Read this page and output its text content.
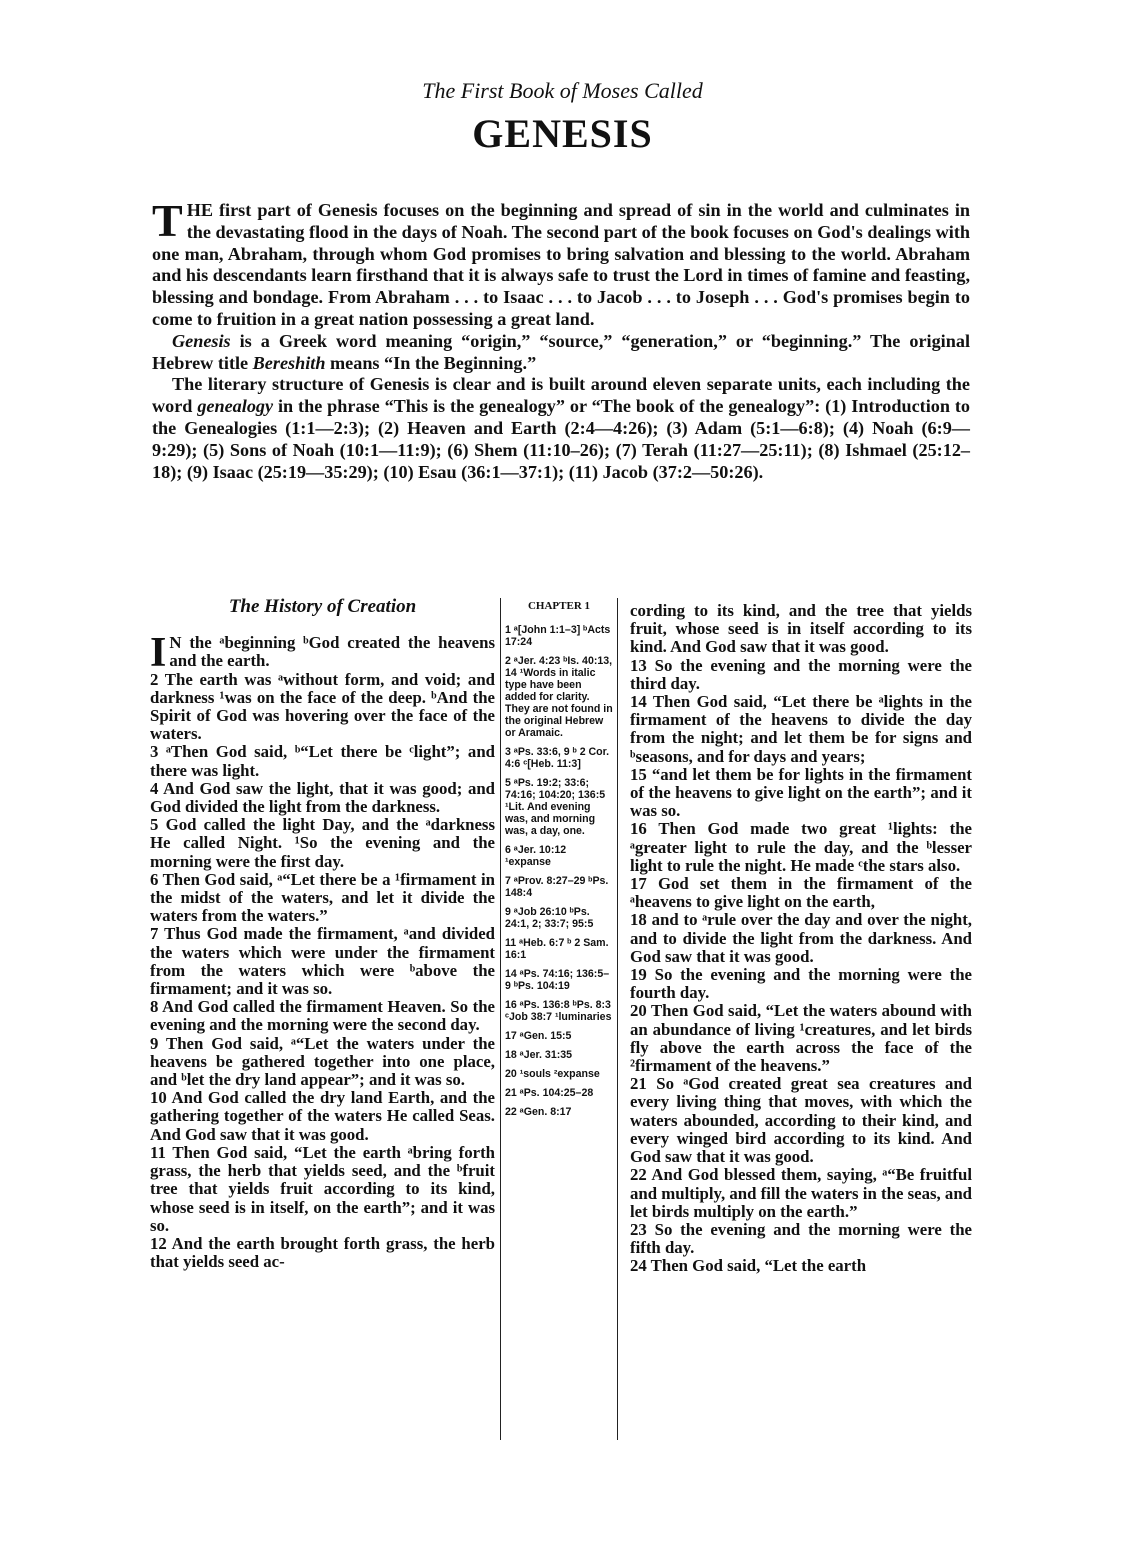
The First Book of Moses Called
GENESIS

THE first part of Genesis focuses on the beginning and spread of sin in the world and culminates in the devastating flood in the days of Noah. The second part of the book focuses on God's dealings with one man, Abraham, through whom God promises to bring salvation and blessing to the world. Abraham and his descendants learn firsthand that it is always safe to trust the Lord in times of famine and feasting, blessing and bondage. From Abraham . . . to Isaac . . . to Jacob . . . to Joseph . . . God's promises begin to come to fruition in a great nation possessing a great land.

Genesis is a Greek word meaning “origin,” “source,” “generation,” or “beginning.” The original Hebrew title Bereshith means “In the Beginning.”

The literary structure of Genesis is clear and is built around eleven separate units, each including the word genealogy in the phrase “This is the genealogy” or “The book of the genealogy”: (1) Introduction to the Genealogies (1:1—2:3); (2) Heaven and Earth (2:4—4:26); (3) Adam (5:1—6:8); (4) Noah (6:9—9:29); (5) Sons of Noah (10:1—11:9); (6) Shem (11:10–26); (7) Terah (11:27—25:11); (8) Ishmael (25:12–18); (9) Isaac (25:19—35:29); (10) Esau (36:1—37:1); (11) Jacob (37:2—50:26).

The History of Creation

I N the ᵃbeginning ᵇGod created the heavens and the earth.

2 The earth was ᵃwithout form, and void; and darkness ¹was on the face of the deep. ᵇAnd the Spirit of God was hovering over the face of the waters.

3 ᵃThen God said, ᵇ“Let there be ᶜlight”; and there was light.

4 And God saw the light, that it was good; and God divided the light from the darkness.

5 God called the light Day, and the ᵃdarkness He called Night. ¹So the evening and the morning were the first day.

6 Then God said, ᵃ“Let there be a ¹firmament in the midst of the waters, and let it divide the waters from the waters.”

7 Thus God made the firmament, ᵃand divided the waters which were under the firmament from the waters which were ᵇabove the firmament; and it was so.

8 And God called the firmament Heaven. So the evening and the morning were the second day.

9 Then God said, ᵃ“Let the waters under the heavens be gathered together into one place, and ᵇlet the dry land appear”; and it was so.

10 And God called the dry land Earth, and the gathering together of the waters He called Seas. And God saw that it was good.

11 Then God said, “Let the earth ᵃbring forth grass, the herb that yields seed, and the ᵇfruit tree that yields fruit according to its kind, whose seed is in itself, on the earth”; and it was so.

12 And the earth brought forth grass, the herb that yields seed ac-

CHAPTER 1

1 ᵃ[John 1:1–3] ᵇActs 17:24

2 ᵃJer. 4:23 ᵇIs. 40:13, 14 ¹Words in italic type have been added for clarity. They are not found in the original Hebrew or Aramaic.

3 ᵃPs. 33:6, 9 ᵇ 2 Cor. 4:6 ᶜ[Heb. 11:3]

5 ᵃPs. 19:2; 33:6; 74:16; 104:20; 136:5 ¹Lit. And evening was, and morning was, a day, one.

6 ᵃJer. 10:12 ¹expanse

7 ᵃProv. 8:27–29 ᵇPs. 148:4

9 ᵃJob 26:10 ᵇPs. 24:1, 2; 33:7; 95:5

11 ᵃHeb. 6:7 ᵇ 2 Sam. 16:1

14 ᵃPs. 74:16; 136:5–9 ᵇPs. 104:19

16 ᵃPs. 136:8 ᵇPs. 8:3 ᶜJob 38:7 ¹luminaries

17 ᵃGen. 15:5

18 ᵃJer. 31:35

20 ¹souls ²expanse

21 ᵃPs. 104:25–28

22 ᵃGen. 8:17

cording to its kind, and the tree that yields fruit, whose seed is in itself according to its kind. And God saw that it was good.

13 So the evening and the morning were the third day.

14 Then God said, “Let there be ᵃlights in the firmament of the heavens to divide the day from the night; and let them be for signs and ᵇseasons, and for days and years;

15 “and let them be for lights in the firmament of the heavens to give light on the earth”; and it was so.

16 Then God made two great ¹lights: the ᵃgreater light to rule the day, and the ᵇlesser light to rule the night. He made ᶜthe stars also.

17 God set them in the firmament of the ᵃheavens to give light on the earth,

18 and to ᵃrule over the day and over the night, and to divide the light from the darkness. And God saw that it was good.

19 So the evening and the morning were the fourth day.

20 Then God said, “Let the waters abound with an abundance of living ¹creatures, and let birds fly above the earth across the face of the ²firmament of the heavens.”

21 So ᵃGod created great sea creatures and every living thing that moves, with which the waters abounded, according to their kind, and every winged bird according to its kind. And God saw that it was good.

22 And God blessed them, saying, ᵃ“Be fruitful and multiply, and fill the waters in the seas, and let birds multiply on the earth.”

23 So the evening and the morning were the fifth day.

24 Then God said, “Let the earth
